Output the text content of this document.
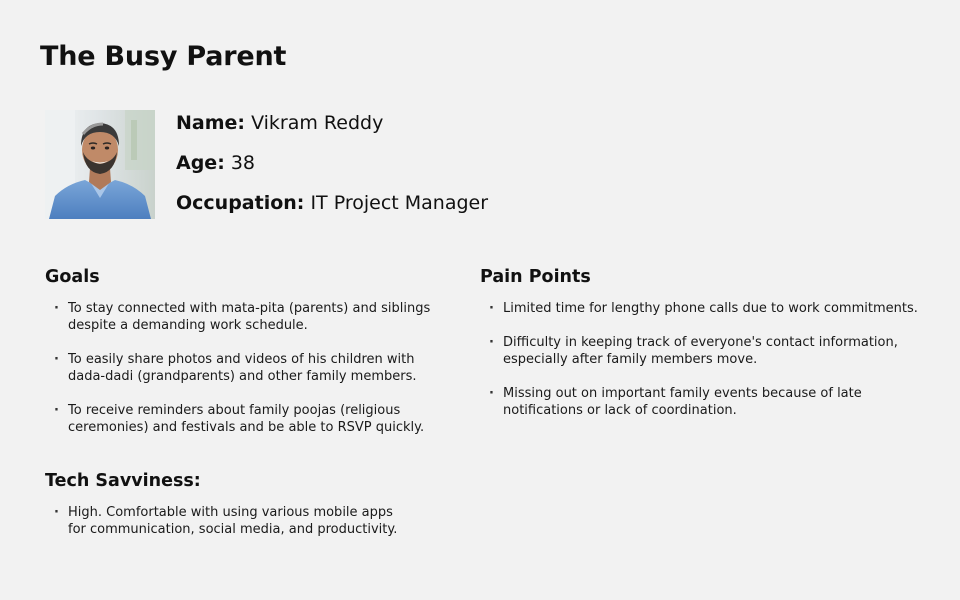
The Busy Parent
Name: Vikram Reddy
Age: 38
Occupation: IT Project Manager
Goals
· To stay connected with mata-pita (parents) and siblings despite a demanding work schedule.
· To easily share photos and videos of his children with dada-dadi (grandparents) and other family members.
· To receive reminders about family poojas (religious ceremonies) and festivals and be able to RSVP quickly.
Pain Points
· Limited time for lengthy phone calls due to work commitments.
· Difficulty in keeping track of everyone's contact information, especially after family members move.
· Missing out on important family events because of late notifications or lack of coordination.
Tech Savviness:
· High. Comfortable with using various mobile apps for communication, social media, and productivity.
